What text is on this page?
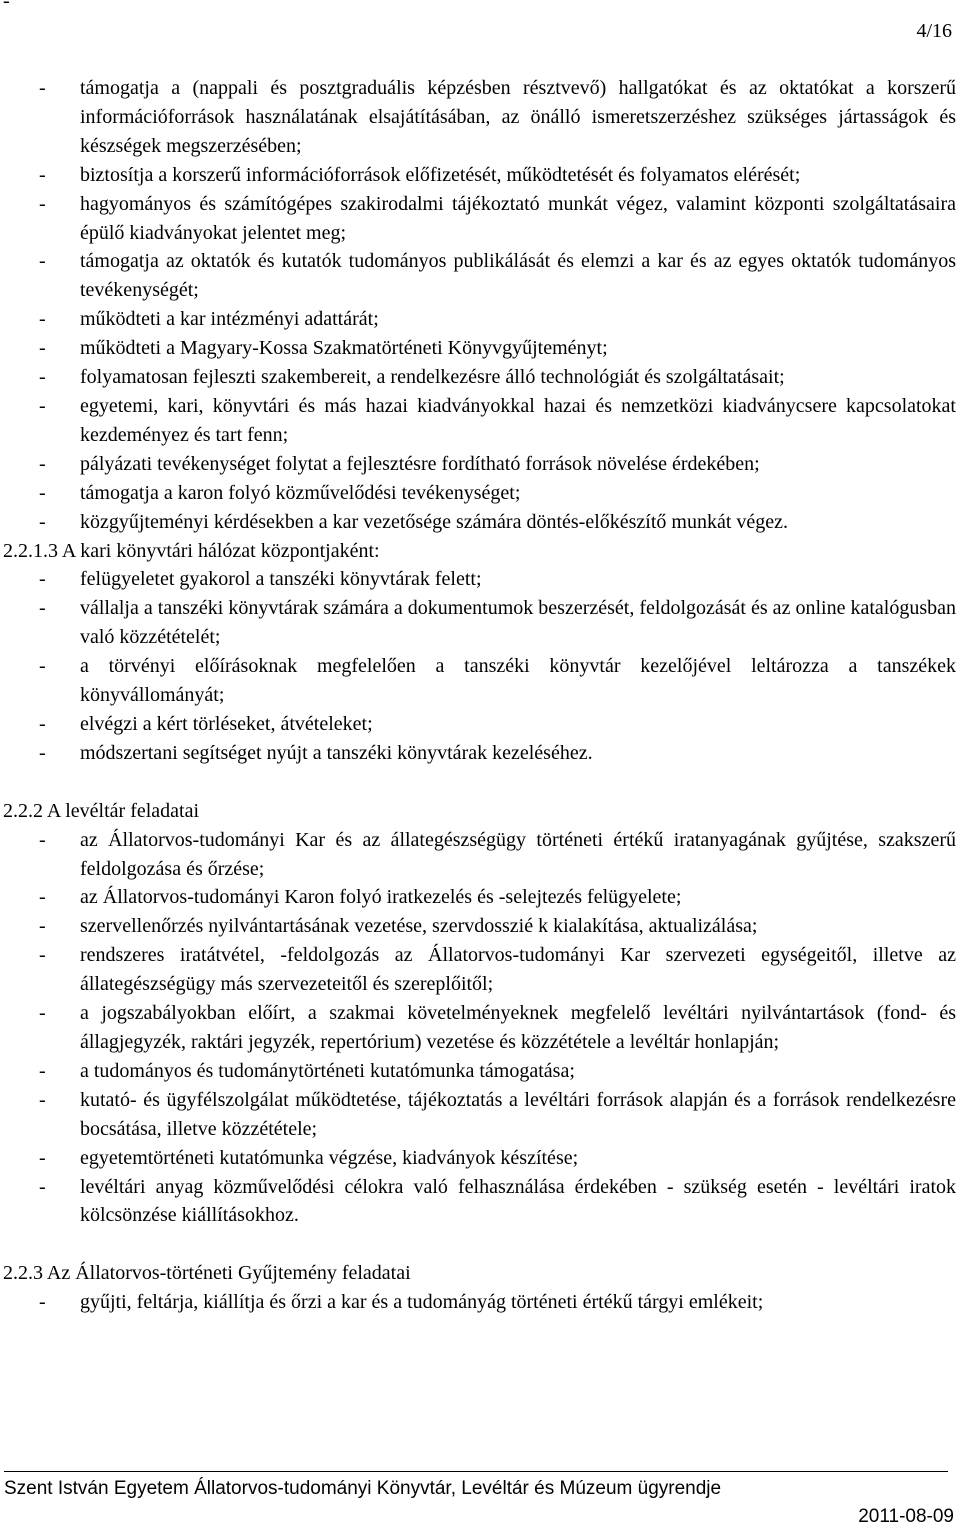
-
4/16
- támogatja a (nappali és posztgraduális képzésben résztvevő) hallgatókat és az oktatókat a korszerű információforrások használatának elsajátításában, az önálló ismeretszerzéshez szükséges jártasságok és készségek megszerzésében;
- biztosítja a korszerű információforrások előfizetését, működtetését és folyamatos elérését;
- hagyományos és számítógépes szakirodalmi tájékoztató munkát végez, valamint központi szolgáltatásaira épülő kiadványokat jelentet meg;
- támogatja az oktatók és kutatók tudományos publikálását és elemzi a kar és az egyes oktatók tudományos tevékenységét;
- működteti a kar intézményi adattárát;
- működteti a Magyary-Kossa Szakmatörténeti Könyvgyűjteményt;
- folyamatosan fejleszti szakembereit, a rendelkezésre álló technológiát és szolgáltatásait;
- egyetemi, kari, könyvtári és más hazai kiadványokkal hazai és nemzetközi kiadványcsere kapcsolatokat kezdeményez és tart fenn;
- pályázati tevékenységet folytat a fejlesztésre fordítható források növelése érdekében;
- támogatja a karon folyó közművelődési tevékenységet;
- közgyűjteményi kérdésekben a kar vezetősége számára döntés-előkészítő munkát végez.
2.2.1.3 A kari könyvtári hálózat központjaként:
- felügyeletet gyakorol a tanszéki könyvtárak felett;
- vállalja a tanszéki könyvtárak számára a dokumentumok beszerzését, feldolgozását és az online katalógusban való közzétételét;
- a törvényi előírásoknak megfelelően a tanszéki könyvtár kezelőjével leltározza a tanszékek könyvállományát;
- elvégzi a kért törléseket, átvételeket;
- módszertani segítséget nyújt a tanszéki könyvtárak kezeléséhez.
2.2.2 A levéltár feladatai
- az Állatorvos-tudományi Kar és az állategészségügy történeti értékű iratanyagának gyűjtése, szakszerű feldolgozása és őrzése;
- az Állatorvos-tudományi Karon folyó iratkezelés és -selejtezés felügyelete;
- szervellenőrzés nyilvántartásának vezetése, szervdosszié k kialakítása, aktualizálása;
- rendszeres iratátvétel, -feldolgozás az Állatorvos-tudományi Kar szervezeti egységeitől, illetve az állategészségügy más szervezeteitől és szereplőitől;
- a jogszabályokban előírt, a szakmai követelményeknek megfelelő levéltári nyilvántartások (fond- és állagjegyzék, raktári jegyzék, repertórium) vezetése és közzététele a levéltár honlapján;
- a tudományos és tudománytörténeti kutatómunka támogatása;
- kutató- és ügyfélszolgálat működtetése, tájékoztatás a levéltári források alapján és a források rendelkezésre bocsátása, illetve közzététele;
- egyetemtörténeti kutatómunka végzése, kiadványok készítése;
- levéltári anyag közművelődési célokra való felhasználása érdekében - szükség esetén - levéltári iratok kölcsönzése kiállításokhoz.
2.2.3 Az Állatorvos-történeti Gyűjtemény feladatai
- gyűjti, feltárja, kiállítja és őrzi a kar és a tudományág történeti értékű tárgyi emlékeit;
Szent István Egyetem Állatorvos-tudományi Könyvtár, Levéltár és Múzeum ügyrendje
2011-08-09
